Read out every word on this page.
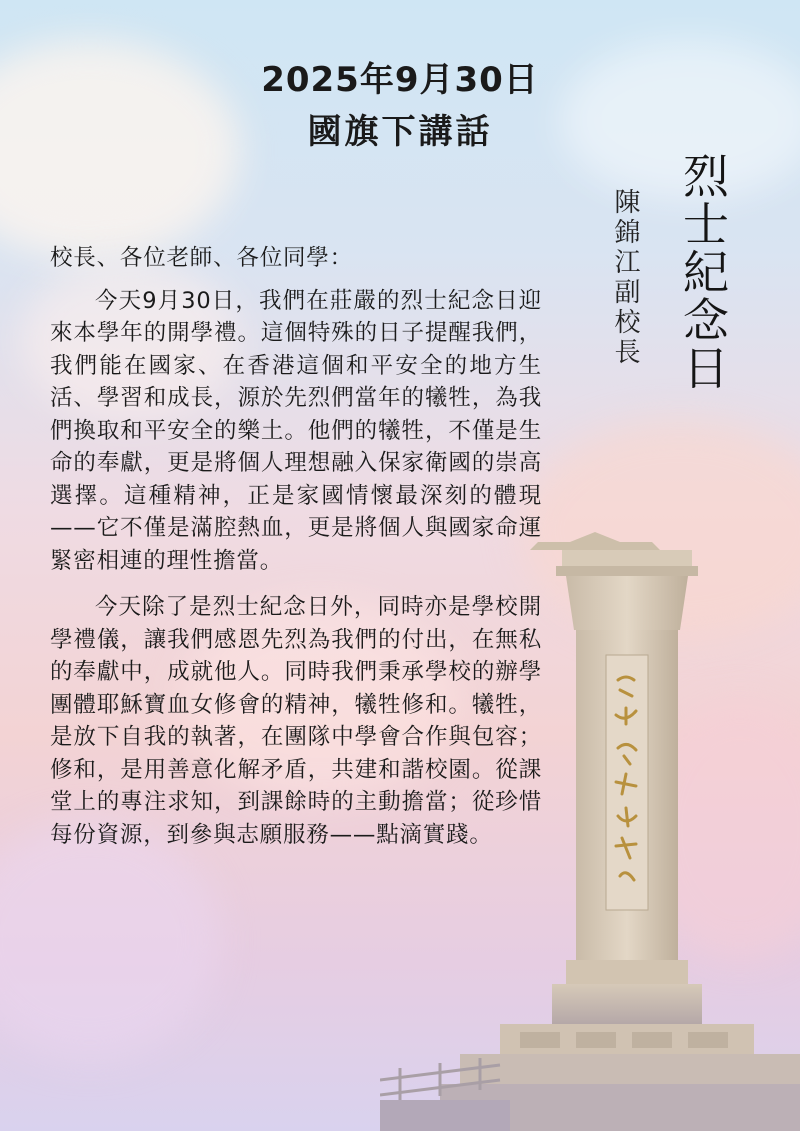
2025年9月30日
國旗下講話
烈士紀念日
陳錦江副校長

校長、各位老師、各位同學：

今天9月30日，我們在莊嚴的烈士紀念日迎來本學年的開學禮。這個特殊的日子提醒我們，我們能在國家、在香港這個和平安全的地方生活、學習和成長，源於先烈們當年的犧牲，為我們換取和平安全的樂土。他們的犧牲，不僅是生命的奉獻，更是將個人理想融入保家衛國的崇高選擇。這種精神，正是家國情懷最深刻的體現——它不僅是滿腔熱血，更是將個人與國家命運緊密相連的理性擔當。

今天除了是烈士紀念日外，同時亦是學校開學禮儀，讓我們感恩先烈為我們的付出，在無私的奉獻中，成就他人。同時我們秉承學校的辦學團體耶穌寶血女修會的精神，犧牲修和。犧牲，是放下自我的執著，在團隊中學會合作與包容；修和，是用善意化解矛盾，共建和諧校園。從課堂上的專注求知，到課餘時的主動擔當；從珍惜每份資源，到參與志願服務——點滴實踐。
